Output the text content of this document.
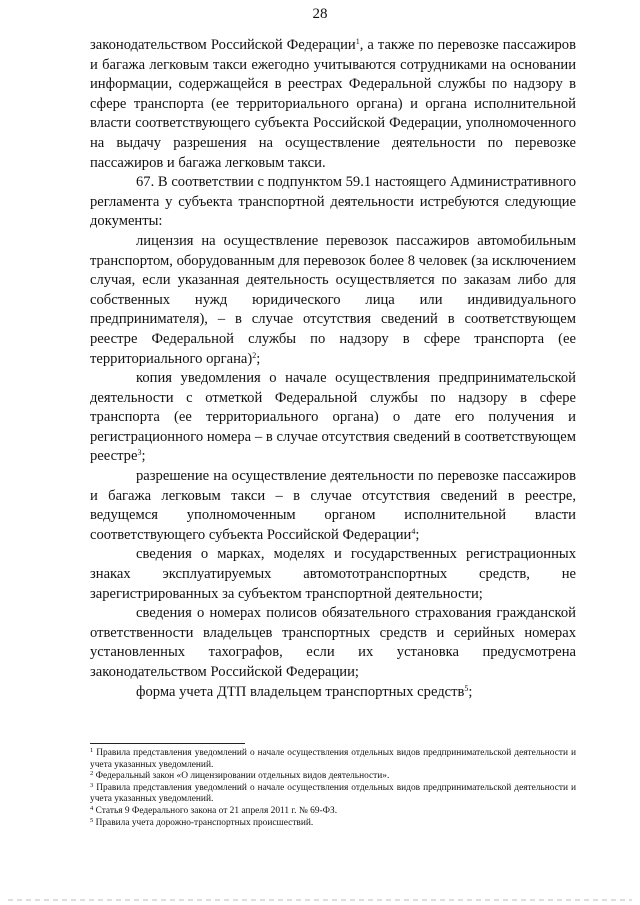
28

законодательством Российской Федерации$^1$, а также по перевозке пассажиров и багажа легковым такси ежегодно учитываются сотрудниками на основании информации, содержащейся в реестрах Федеральной службы по надзору в сфере транспорта (ее территориального органа) и органа исполнительной власти соответствующего субъекта Российской Федерации, уполномоченного на выдачу разрешения на осуществление деятельности по перевозке пассажиров и багажа легковым такси.

67. В соответствии с подпунктом 59.1 настоящего Административного регламента у субъекта транспортной деятельности истребуются следующие документы:

лицензия на осуществление перевозок пассажиров автомобильным транспортом, оборудованным для перевозок более 8 человек (за исключением случая, если указанная деятельность осуществляется по заказам либо для собственных нужд юридического лица или индивидуального предпринимателя), – в случае отсутствия сведений в соответствующем реестре Федеральной службы по надзору в сфере транспорта (ее территориального органа)$^2$;

копия уведомления о начале осуществления предпринимательской деятельности с отметкой Федеральной службы по надзору в сфере транспорта (ее территориального органа) о дате его получения и регистрационного номера – в случае отсутствия сведений в соответствующем реестре$^3$;

разрешение на осуществление деятельности по перевозке пассажиров и багажа легковым такси – в случае отсутствия сведений в реестре, ведущемся уполномоченным органом исполнительной власти соответствующего субъекта Российской Федерации$^4$;

сведения о марках, моделях и государственных регистрационных знаках эксплуатируемых автомототранспортных средств, не зарегистрированных за субъектом транспортной деятельности;

сведения о номерах полисов обязательного страхования гражданской ответственности владельцев транспортных средств и серийных номерах установленных тахографов, если их установка предусмотрена законодательством Российской Федерации;

форма учета ДТП владельцем транспортных средств$^5$;

$^1$ Правила представления уведомлений о начале осуществления отдельных видов предпринимательской деятельности и учета указанных уведомлений.

$^2$ Федеральный закон «О лицензировании отдельных видов деятельности».

$^3$ Правила представления уведомлений о начале осуществления отдельных видов предпринимательской деятельности и учета указанных уведомлений.

$^4$ Статья 9 Федерального закона от 21 апреля 2011 г. № 69-ФЗ.

$^5$ Правила учета дорожно-транспортных происшествий.
